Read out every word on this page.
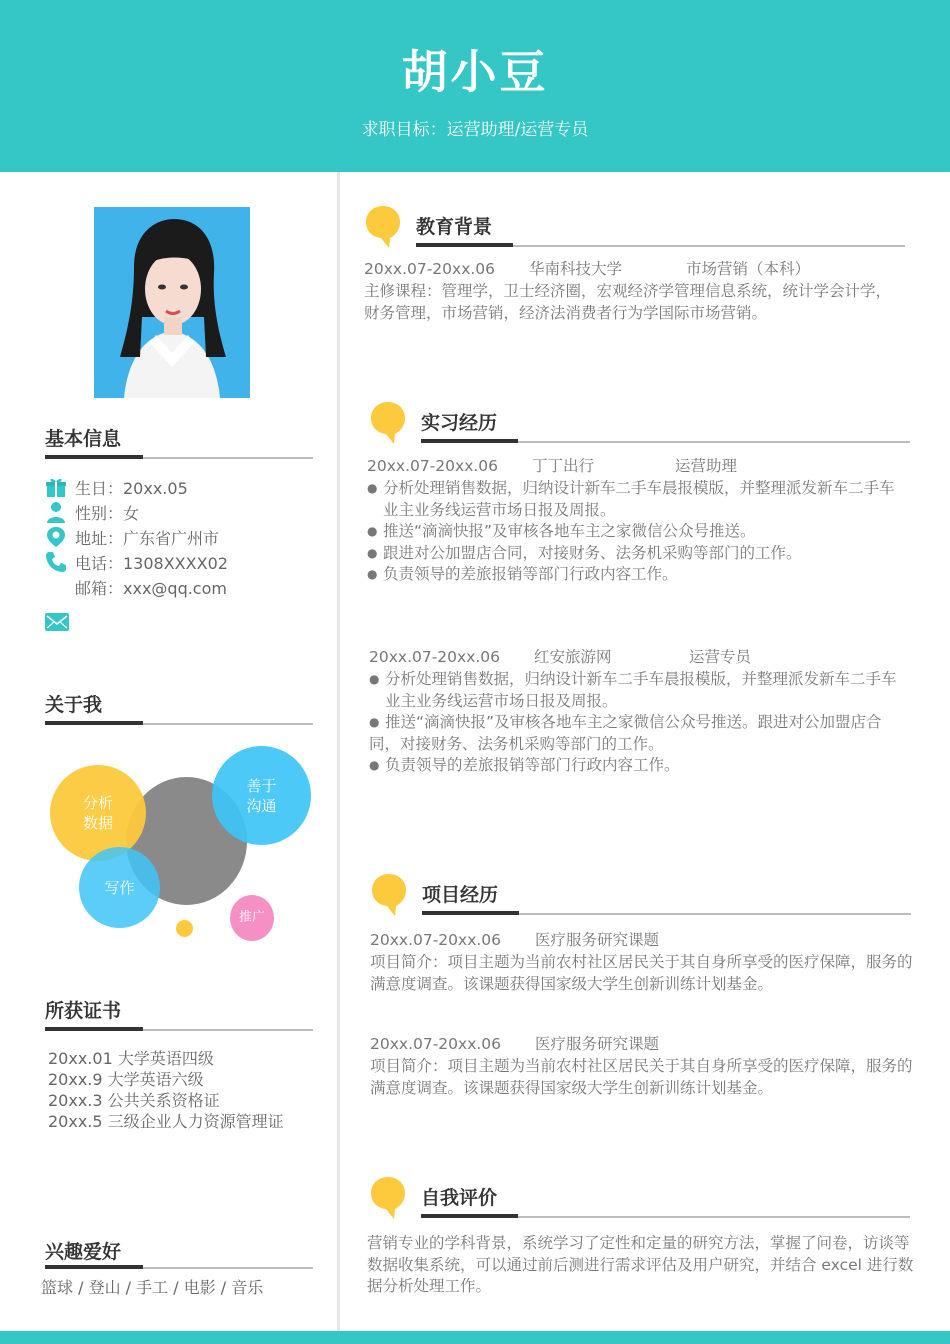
胡小豆
求职目标：运营助理/运营专员
基本信息
生日：20xx.05
性别：女
地址：广东省广州市
电话：1308XXXX02
邮箱：xxx@qq.com
关于我
善于
沟通
分析
数据
写作
推广
所获证书
20xx.01 大学英语四级
20xx.9 大学英语六级
20xx.3 公共关系资格证
20xx.5 三级企业人力资源管理证
兴趣爱好
篮球 / 登山 / 手工 / 电影 / 音乐
教育背景
20xx.07-20xx.06 华南科技大学	市场营销（本科）
主修课程：管理学，卫士经济圈，宏观经济学管理信息系统，统计学会计学，财务管理，市场营销，经济法消费者行为学国际市场营销。
实习经历
20xx.07-20xx.06 丁丁出行	运营助理
● 分析处理销售数据，归纳设计新车二手车晨报模版，并整理派发新车二手车
业主业务线运营市场日报及周报。
● 推送“滴滴快报”及审核各地车主之家微信公众号推送。
● 跟进对公加盟店合同，对接财务、法务机采购等部门的工作。
● 负责领导的差旅报销等部门行政内容工作。
20xx.07-20xx.06 红安旅游网	运营专员
● 分析处理销售数据，归纳设计新车二手车晨报模版，并整理派发新车二手车
业主业务线运营市场日报及周报。
● 推送“滴滴快报”及审核各地车主之家微信公众号推送。跟进对公加盟店合
同，对接财务、法务机采购等部门的工作。
● 负责领导的差旅报销等部门行政内容工作。
项目经历
20xx.07-20xx.06 医疗服务研究课题
项目简介：项目主题为当前农村社区居民关于其自身所享受的医疗保障，服务的满意度调查。该课题获得国家级大学生创新训练计划基金。
20xx.07-20xx.06 医疗服务研究课题
项目简介：项目主题为当前农村社区居民关于其自身所享受的医疗保障，服务的满意度调查。该课题获得国家级大学生创新训练计划基金。
自我评价
营销专业的学科背景，系统学习了定性和定量的研究方法，掌握了问卷，访谈等数据收集系统，可以通过前后测进行需求评估及用户研究，并结合 excel 进行数据分析处理工作。
